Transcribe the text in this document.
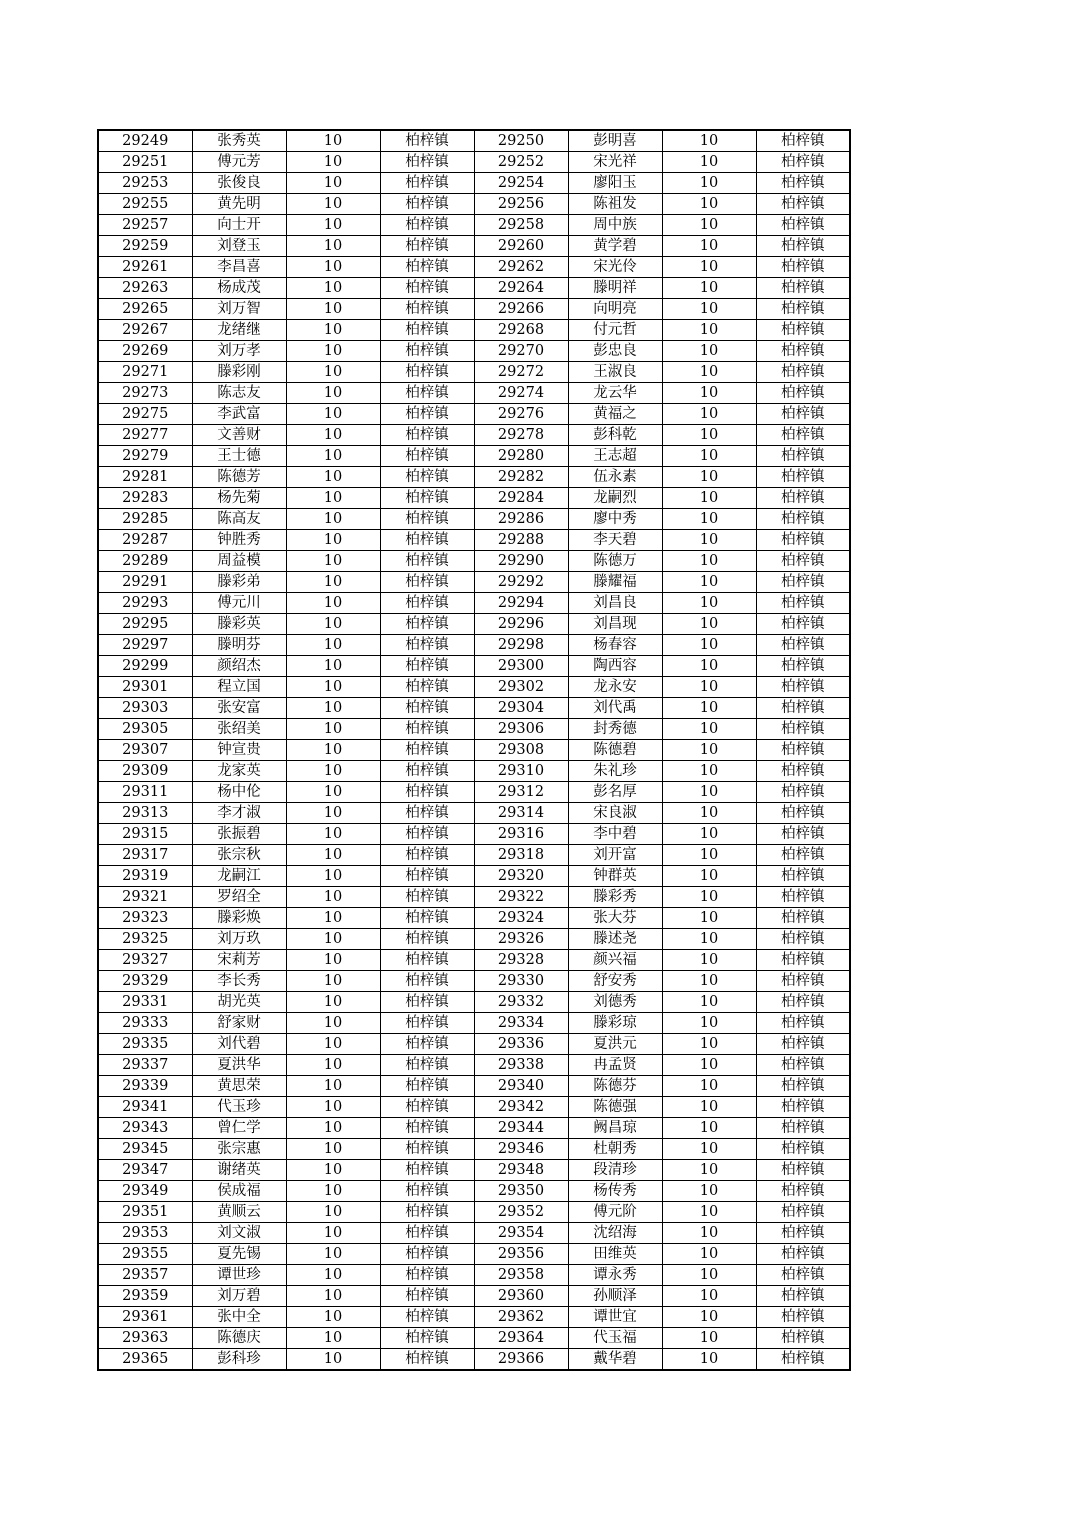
29249	张秀英	10	柏梓镇	29250	彭明喜	10	柏梓镇
29251	傅元芳	10	柏梓镇	29252	宋光祥	10	柏梓镇
29253	张俊良	10	柏梓镇	29254	廖阳玉	10	柏梓镇
29255	黄先明	10	柏梓镇	29256	陈祖发	10	柏梓镇
29257	向士开	10	柏梓镇	29258	周中族	10	柏梓镇
29259	刘登玉	10	柏梓镇	29260	黄学碧	10	柏梓镇
29261	李昌喜	10	柏梓镇	29262	宋光伶	10	柏梓镇
29263	杨成茂	10	柏梓镇	29264	滕明祥	10	柏梓镇
29265	刘万智	10	柏梓镇	29266	向明亮	10	柏梓镇
29267	龙绪继	10	柏梓镇	29268	付元哲	10	柏梓镇
29269	刘万孝	10	柏梓镇	29270	彭忠良	10	柏梓镇
29271	滕彩刚	10	柏梓镇	29272	王淑良	10	柏梓镇
29273	陈志友	10	柏梓镇	29274	龙云华	10	柏梓镇
29275	李武富	10	柏梓镇	29276	黄福之	10	柏梓镇
29277	文善财	10	柏梓镇	29278	彭科乾	10	柏梓镇
29279	王士德	10	柏梓镇	29280	王志超	10	柏梓镇
29281	陈德芳	10	柏梓镇	29282	伍永素	10	柏梓镇
29283	杨先菊	10	柏梓镇	29284	龙嗣烈	10	柏梓镇
29285	陈高友	10	柏梓镇	29286	廖中秀	10	柏梓镇
29287	钟胜秀	10	柏梓镇	29288	李天碧	10	柏梓镇
29289	周益模	10	柏梓镇	29290	陈德万	10	柏梓镇
29291	滕彩弟	10	柏梓镇	29292	滕耀福	10	柏梓镇
29293	傅元川	10	柏梓镇	29294	刘昌良	10	柏梓镇
29295	滕彩英	10	柏梓镇	29296	刘昌现	10	柏梓镇
29297	滕明芬	10	柏梓镇	29298	杨春容	10	柏梓镇
29299	颜绍杰	10	柏梓镇	29300	陶西容	10	柏梓镇
29301	程立国	10	柏梓镇	29302	龙永安	10	柏梓镇
29303	张安富	10	柏梓镇	29304	刘代禹	10	柏梓镇
29305	张绍美	10	柏梓镇	29306	封秀德	10	柏梓镇
29307	钟宣贵	10	柏梓镇	29308	陈德碧	10	柏梓镇
29309	龙家英	10	柏梓镇	29310	朱礼珍	10	柏梓镇
29311	杨中伦	10	柏梓镇	29312	彭名厚	10	柏梓镇
29313	李才淑	10	柏梓镇	29314	宋良淑	10	柏梓镇
29315	张振碧	10	柏梓镇	29316	李中碧	10	柏梓镇
29317	张宗秋	10	柏梓镇	29318	刘开富	10	柏梓镇
29319	龙嗣江	10	柏梓镇	29320	钟群英	10	柏梓镇
29321	罗绍全	10	柏梓镇	29322	滕彩秀	10	柏梓镇
29323	滕彩焕	10	柏梓镇	29324	张大芬	10	柏梓镇
29325	刘万玖	10	柏梓镇	29326	滕述尧	10	柏梓镇
29327	宋莉芳	10	柏梓镇	29328	颜兴福	10	柏梓镇
29329	李长秀	10	柏梓镇	29330	舒安秀	10	柏梓镇
29331	胡光英	10	柏梓镇	29332	刘德秀	10	柏梓镇
29333	舒家财	10	柏梓镇	29334	滕彩琼	10	柏梓镇
29335	刘代碧	10	柏梓镇	29336	夏洪元	10	柏梓镇
29337	夏洪华	10	柏梓镇	29338	冉孟贤	10	柏梓镇
29339	黄思荣	10	柏梓镇	29340	陈德芬	10	柏梓镇
29341	代玉珍	10	柏梓镇	29342	陈德强	10	柏梓镇
29343	曾仁学	10	柏梓镇	29344	阙昌琼	10	柏梓镇
29345	张宗惠	10	柏梓镇	29346	杜朝秀	10	柏梓镇
29347	谢绪英	10	柏梓镇	29348	段清珍	10	柏梓镇
29349	侯成福	10	柏梓镇	29350	杨传秀	10	柏梓镇
29351	黄顺云	10	柏梓镇	29352	傅元阶	10	柏梓镇
29353	刘文淑	10	柏梓镇	29354	沈绍海	10	柏梓镇
29355	夏先锡	10	柏梓镇	29356	田维英	10	柏梓镇
29357	谭世珍	10	柏梓镇	29358	谭永秀	10	柏梓镇
29359	刘万碧	10	柏梓镇	29360	孙顺泽	10	柏梓镇
29361	张中全	10	柏梓镇	29362	谭世宜	10	柏梓镇
29363	陈德庆	10	柏梓镇	29364	代玉福	10	柏梓镇
29365	彭科珍	10	柏梓镇	29366	戴华碧	10	柏梓镇
